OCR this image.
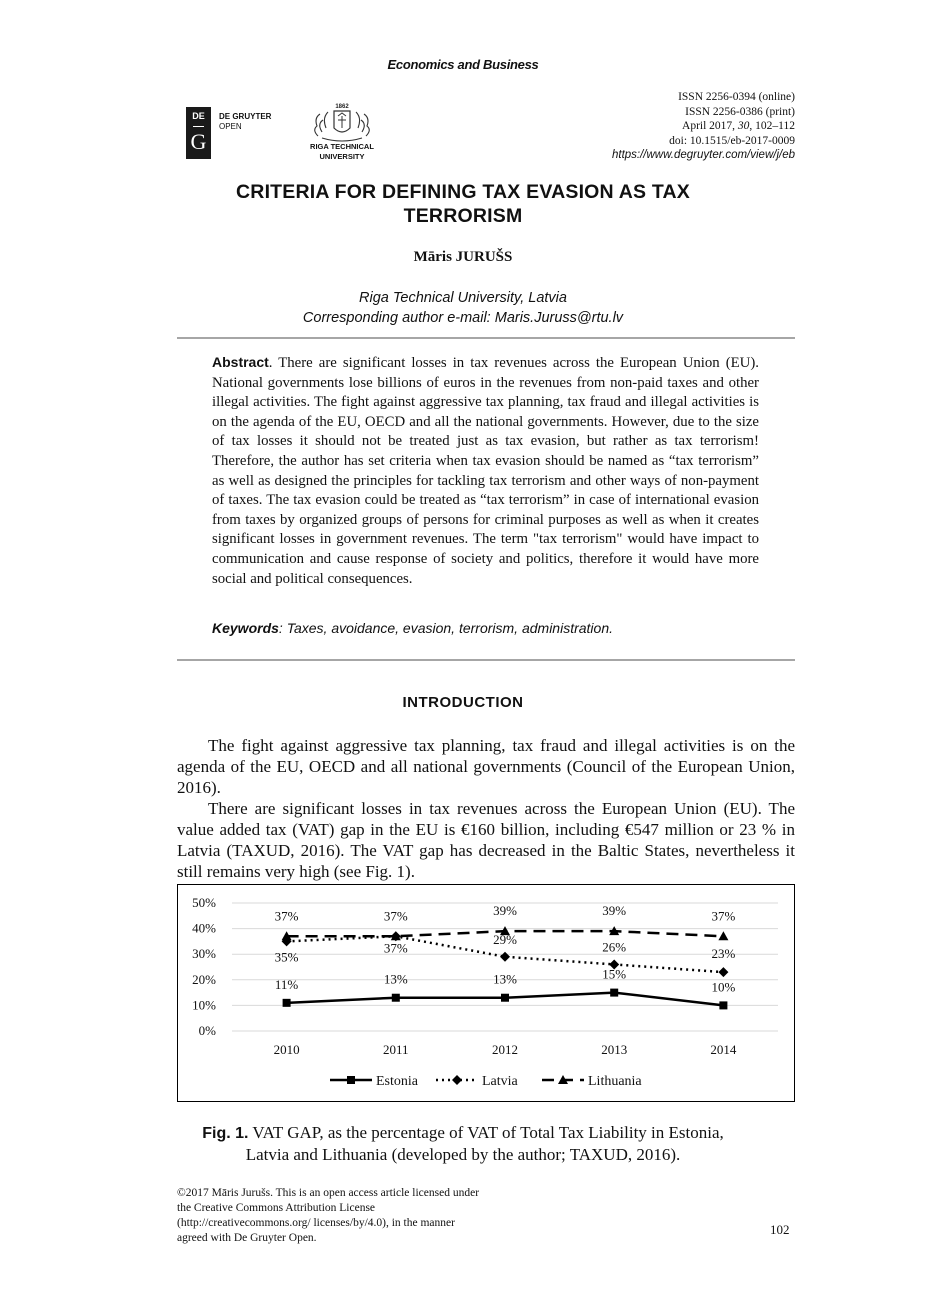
Economics and Business
ISSN 2256-0394 (online)
ISSN 2256-0386 (print)
April 2017, 30, 102–112
doi: 10.1515/eb-2017-0009
https://www.degruyter.com/view/j/eb
DE
G
DE GRUYTER
OPEN
1862
RIGA TECHNICAL
UNIVERSITY
CRITERIA FOR DEFINING TAX EVASION AS TAX
TERRORISM
Māris JURUŠS
Riga Technical University, Latvia
Corresponding author e-mail: Maris.Juruss@rtu.lv
Abstract. There are significant losses in tax revenues across the European Union (EU). National governments lose billions of euros in the revenues from non-paid taxes and other illegal activities. The fight against aggressive tax planning, tax fraud and illegal activities is on the agenda of the EU, OECD and all the national governments. However, due to the size of tax losses it should not be treated just as tax evasion, but rather as tax terrorism! Therefore, the author has set criteria when tax evasion should be named as “tax terrorism” as well as designed the principles for tackling tax terrorism and other ways of non-payment of taxes. The tax evasion could be treated as “tax terrorism” in case of international evasion from taxes by organized groups of persons for criminal purposes as well as when it creates significant losses in government revenues. The term "tax terrorism" would have impact to communication and cause response of society and politics, therefore it would have more social and political consequences.
Keywords: Taxes, avoidance, evasion, terrorism, administration.
INTRODUCTION

The fight against aggressive tax planning, tax fraud and illegal activities is on the agenda of the EU, OECD and all national governments (Council of the European Union, 2016).

There are significant losses in tax revenues across the European Union (EU). The value added tax (VAT) gap in the EU is €160 billion, including €547 million or 23 % in Latvia (TAXUD, 2016). The VAT gap has decreased in the Baltic States, nevertheless it still remains very high (see Fig. 1).

0%
10%
20%
30%
40%
50%
2010	2011	2012	2013	2014
11%	13%	13%	15%
10%
35%
37%
29%
26%	23%
37%	37%	39%	39%	37%
Estonia	Latvia	Lithuania
Fig. 1. VAT GAP, as the percentage of VAT of Total Tax Liability in Estonia,
Latvia and Lithuania (developed by the author; TAXUD, 2016).
©2017 Māris Jurušs. This is an open access article licensed under
the Creative Commons Attribution License
(http://creativecommons.org/ licenses/by/4.0), in the manner
agreed with De Gruyter Open.
102
